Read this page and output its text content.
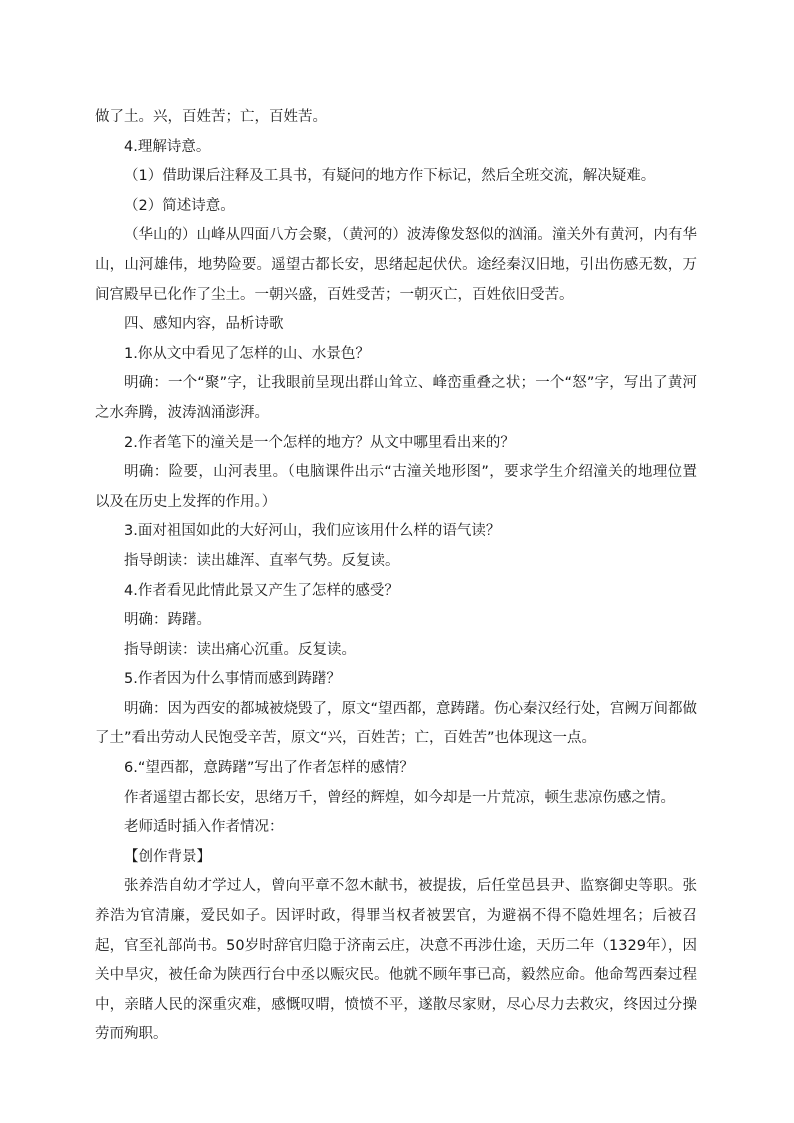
做了土。兴，百姓苦；亡，百姓苦。

4.理解诗意。

（1）借助课后注释及工具书，有疑问的地方作下标记，然后全班交流，解决疑难。

（2）简述诗意。

（华山的）山峰从四面八方会聚，（黄河的）波涛像发怒似的汹涌。潼关外有黄河，内有华山，山河雄伟，地势险要。遥望古都长安，思绪起起伏伏。途经秦汉旧地，引出伤感无数，万间宫殿早已化作了尘土。一朝兴盛，百姓受苦；一朝灭亡，百姓依旧受苦。

四、感知内容，品析诗歌

1.你从文中看见了怎样的山、水景色？

明确：一个“聚”字，让我眼前呈现出群山耸立、峰峦重叠之状；一个“怒”字，写出了黄河之水奔腾，波涛汹涌澎湃。

2.作者笔下的潼关是一个怎样的地方？从文中哪里看出来的？

明确：险要，山河表里。（电脑课件出示“古潼关地形图”，要求学生介绍潼关的地理位置以及在历史上发挥的作用。）

3.面对祖国如此的大好河山，我们应该用什么样的语气读？

指导朗读：读出雄浑、直率气势。反复读。

4.作者看见此情此景又产生了怎样的感受？

明确：踌躇。

指导朗读：读出痛心沉重。反复读。

5.作者因为什么事情而感到踌躇？

明确：因为西安的都城被烧毁了，原文“望西都，意踌躇。伤心秦汉经行处，宫阙万间都做了土”看出劳动人民饱受辛苦，原文“兴，百姓苦；亡，百姓苦”也体现这一点。

6.“望西都，意踌躇”写出了作者怎样的感情？

作者遥望古都长安，思绪万千，曾经的辉煌，如今却是一片荒凉，顿生悲凉伤感之情。

老师适时插入作者情况：

【创作背景】

张养浩自幼才学过人，曾向平章不忽木献书，被提拔，后任堂邑县尹、监察御史等职。张养浩为官清廉，爱民如子。因评时政，得罪当权者被罢官，为避祸不得不隐姓埋名；后被召起，官至礼部尚书。50岁时辞官归隐于济南云庄，决意不再涉仕途，天历二年（1329年），因关中旱灾，被任命为陕西行台中丞以赈灾民。他就不顾年事已高，毅然应命。他命驾西秦过程中，亲睹人民的深重灾难，感慨叹喟，愤愤不平，遂散尽家财，尽心尽力去救灾，终因过分操劳而殉职。
